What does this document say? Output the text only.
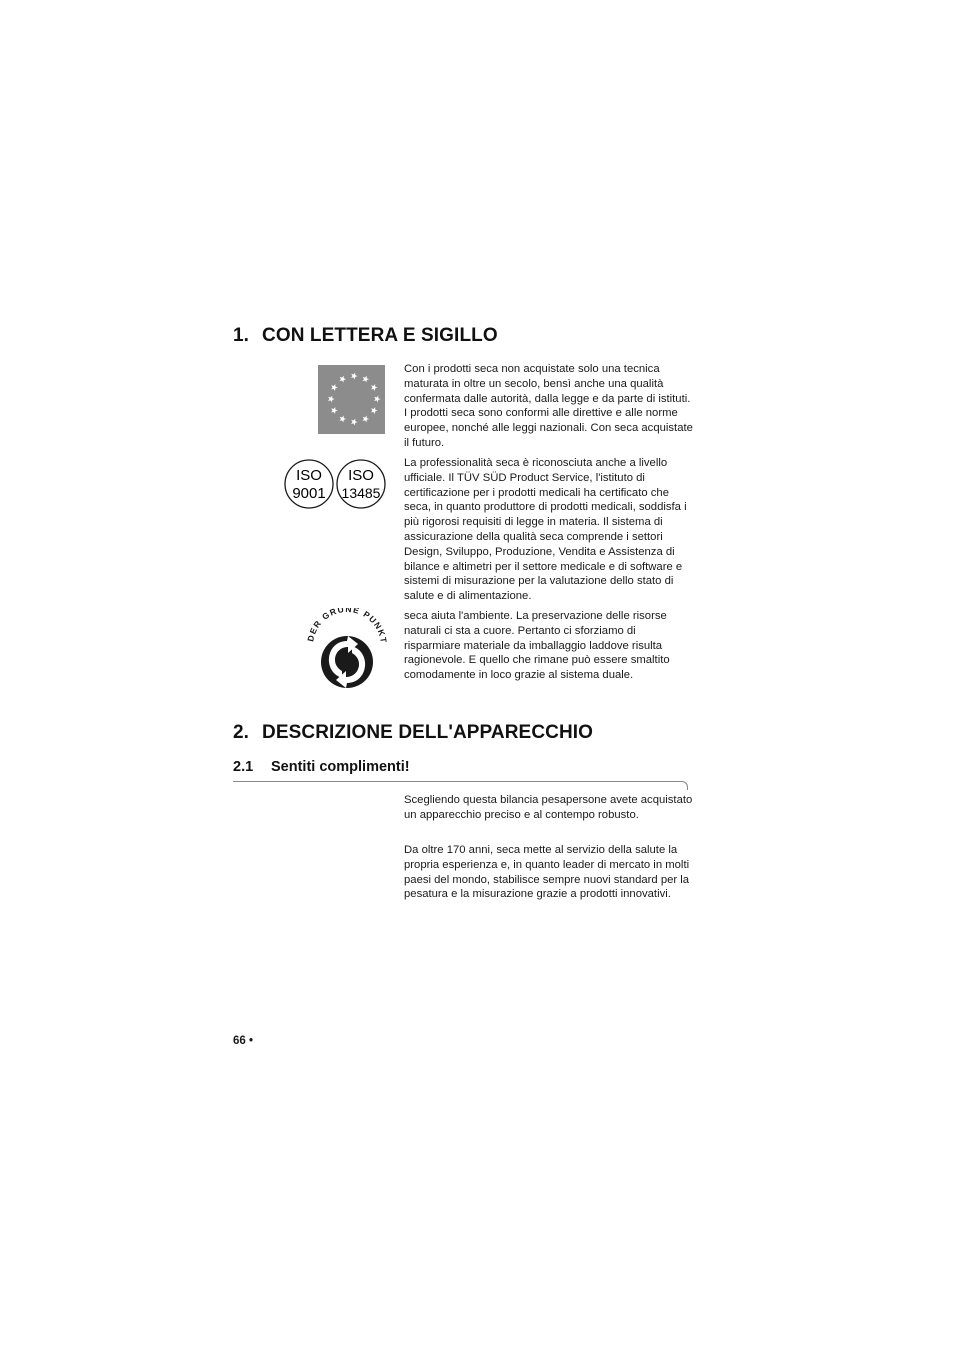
1. CON LETTERA E SIGILLO

Con i prodotti seca non acquistate solo una tecnica maturata in oltre un secolo, bensì anche una qualità confermata dalle autorità, dalla legge e da parte di istituti. I prodotti seca sono conformi alle direttive e alle norme europee, nonché alle leggi nazionali. Con seca acquistate il futuro.

ISO
9001
ISO
13485

La professionalità seca è riconosciuta anche a livello ufficiale. Il TÜV SÜD Product Service, l'istituto di certificazione per i prodotti medicali ha certificato che seca, in quanto produttore di prodotti medicali, soddisfa i più rigorosi requisiti di legge in materia. Il sistema di assicurazione della qualità seca comprende i settori Design, Sviluppo, Produzione, Vendita e Assistenza di bilance e altimetri per il settore medicale e di software e sistemi di misurazione per la valutazione dello stato di salute e di alimentazione.

DER GRÜNE PUNKT

seca aiuta l'ambiente. La preservazione delle risorse naturali ci sta a cuore. Pertanto ci sforziamo di risparmiare materiale da imballaggio laddove risulta ragionevole. E quello che rimane può essere smaltito comodamente in loco grazie al sistema duale.

2. DESCRIZIONE DELL'APPARECCHIO
2.1 Sentiti complimenti!

Scegliendo questa bilancia pesapersone avete acquistato un apparecchio preciso e al contempo robusto.

Da oltre 170 anni, seca mette al servizio della salute la propria esperienza e, in quanto leader di mercato in molti paesi del mondo, stabilisce sempre nuovi standard per la pesatura e la misurazione grazie a prodotti innovativi.

66 •
